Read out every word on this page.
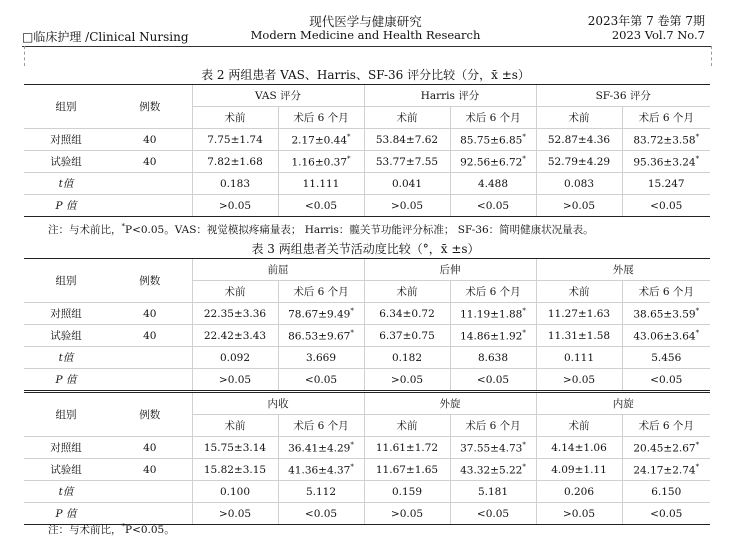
□临床护理 /Clinical Nursing
现代医学与健康研究
Modern Medicine and Health Research
2023年第 7 卷第 7期
2023 Vol.7 No.7
表 2 两组患者 VAS、Harris、SF-36 评分比较（分，x̄ ±s）
组别	例数	VAS 评分		Harris 评分		SF-36 评分	
		术前	术后 6 个月	术前	术后 6 个月	术前	术后 6 个月
对照组	40	7.75±1.74	2.17±0.44*	53.84±7.62	85.75±6.85*	52.87±4.36	83.72±3.58*
试验组	40	7.82±1.68	1.16±0.37*	53.77±7.55	92.56±6.72*	52.79±4.29	95.36±3.24*
t值		0.183	11.111	0.041	4.488	0.083	15.247
P 值		>0.05	<0.05	>0.05	<0.05	>0.05	<0.05
注：与术前比，*P<0.05。VAS：视觉模拟疼痛量表； Harris：髋关节功能评分标准； SF-36：简明健康状况量表。
表 3 两组患者关节活动度比较（°，x̄ ±s）
组别	例数	前屈		后伸		外展	
		术前	术后 6 个月	术前	术后 6 个月	术前	术后 6 个月
对照组	40	22.35±3.36	78.67±9.49*	6.34±0.72	11.19±1.88*	11.27±1.63	38.65±3.59*
试验组	40	22.42±3.43	86.53±9.67*	6.37±0.75	14.86±1.92*	11.31±1.58	43.06±3.64*
t值		0.092	3.669	0.182	8.638	0.111	5.456
P 值		>0.05	<0.05	>0.05	<0.05	>0.05	<0.05
组别	例数	内收		外旋		内旋	
		术前	术后 6 个月	术前	术后 6 个月	术前	术后 6 个月
对照组	40	15.75±3.14	36.41±4.29*	11.61±1.72	37.55±4.73*	4.14±1.06	20.45±2.67*
试验组	40	15.82±3.15	41.36±4.37*	11.67±1.65	43.32±5.22*	4.09±1.11	24.17±2.74*
t值		0.100	5.112	0.159	5.181	0.206	6.150
P 值		>0.05	<0.05	>0.05	<0.05	>0.05	<0.05
注：与术前比，*P<0.05。
